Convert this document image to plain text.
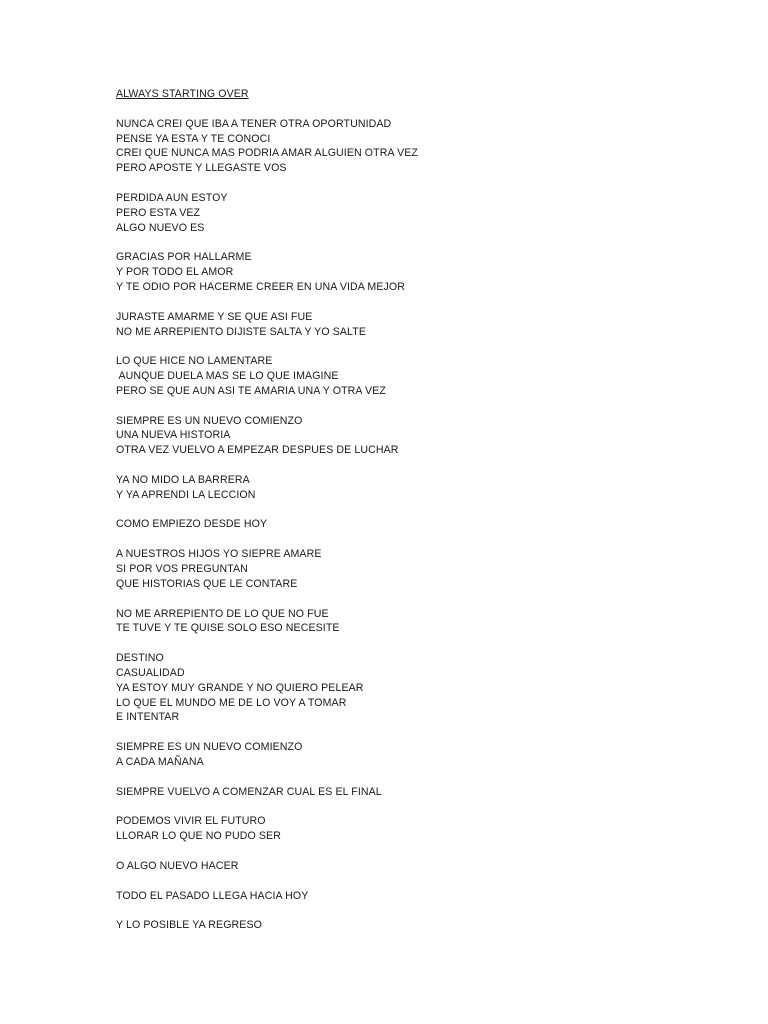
ALWAYS STARTING OVER
NUNCA CREI QUE IBA A TENER OTRA OPORTUNIDAD
PENSE YA ESTA Y TE CONOCI
CREI QUE NUNCA MAS PODRIA AMAR ALGUIEN OTRA VEZ
PERO APOSTE Y LLEGASTE VOS
PERDIDA AUN ESTOY
PERO ESTA VEZ
ALGO NUEVO ES
GRACIAS POR HALLARME
Y POR TODO EL AMOR
Y TE ODIO POR HACERME CREER EN UNA VIDA MEJOR
JURASTE AMARME Y SE QUE ASI FUE
NO ME ARREPIENTO DIJISTE SALTA Y YO SALTE
LO QUE HICE NO LAMENTARE
AUNQUE DUELA MAS SE LO QUE IMAGINE
PERO SE QUE AUN ASI TE AMARIA UNA Y OTRA VEZ
SIEMPRE ES UN NUEVO COMIENZO
UNA NUEVA HISTORIA
OTRA VEZ VUELVO A EMPEZAR DESPUES DE LUCHAR
YA NO MIDO LA BARRERA
Y YA APRENDI LA LECCION
COMO EMPIEZO DESDE HOY
A NUESTROS HIJOS YO SIEPRE AMARE
SI POR VOS PREGUNTAN
QUE HISTORIAS QUE LE CONTARE
NO ME ARREPIENTO DE LO QUE NO FUE
TE TUVE Y TE QUISE SOLO ESO NECESITE
DESTINO
CASUALIDAD
YA ESTOY MUY GRANDE Y NO QUIERO PELEAR
LO QUE EL MUNDO ME DE LO VOY A TOMAR
E INTENTAR
SIEMPRE ES UN NUEVO COMIENZO
A CADA MAÑANA
SIEMPRE VUELVO A COMENZAR CUAL ES EL FINAL
PODEMOS VIVIR EL FUTURO
LLORAR LO QUE NO PUDO SER
O ALGO NUEVO HACER
TODO EL PASADO LLEGA HACIA HOY
Y LO POSIBLE YA REGRESO
